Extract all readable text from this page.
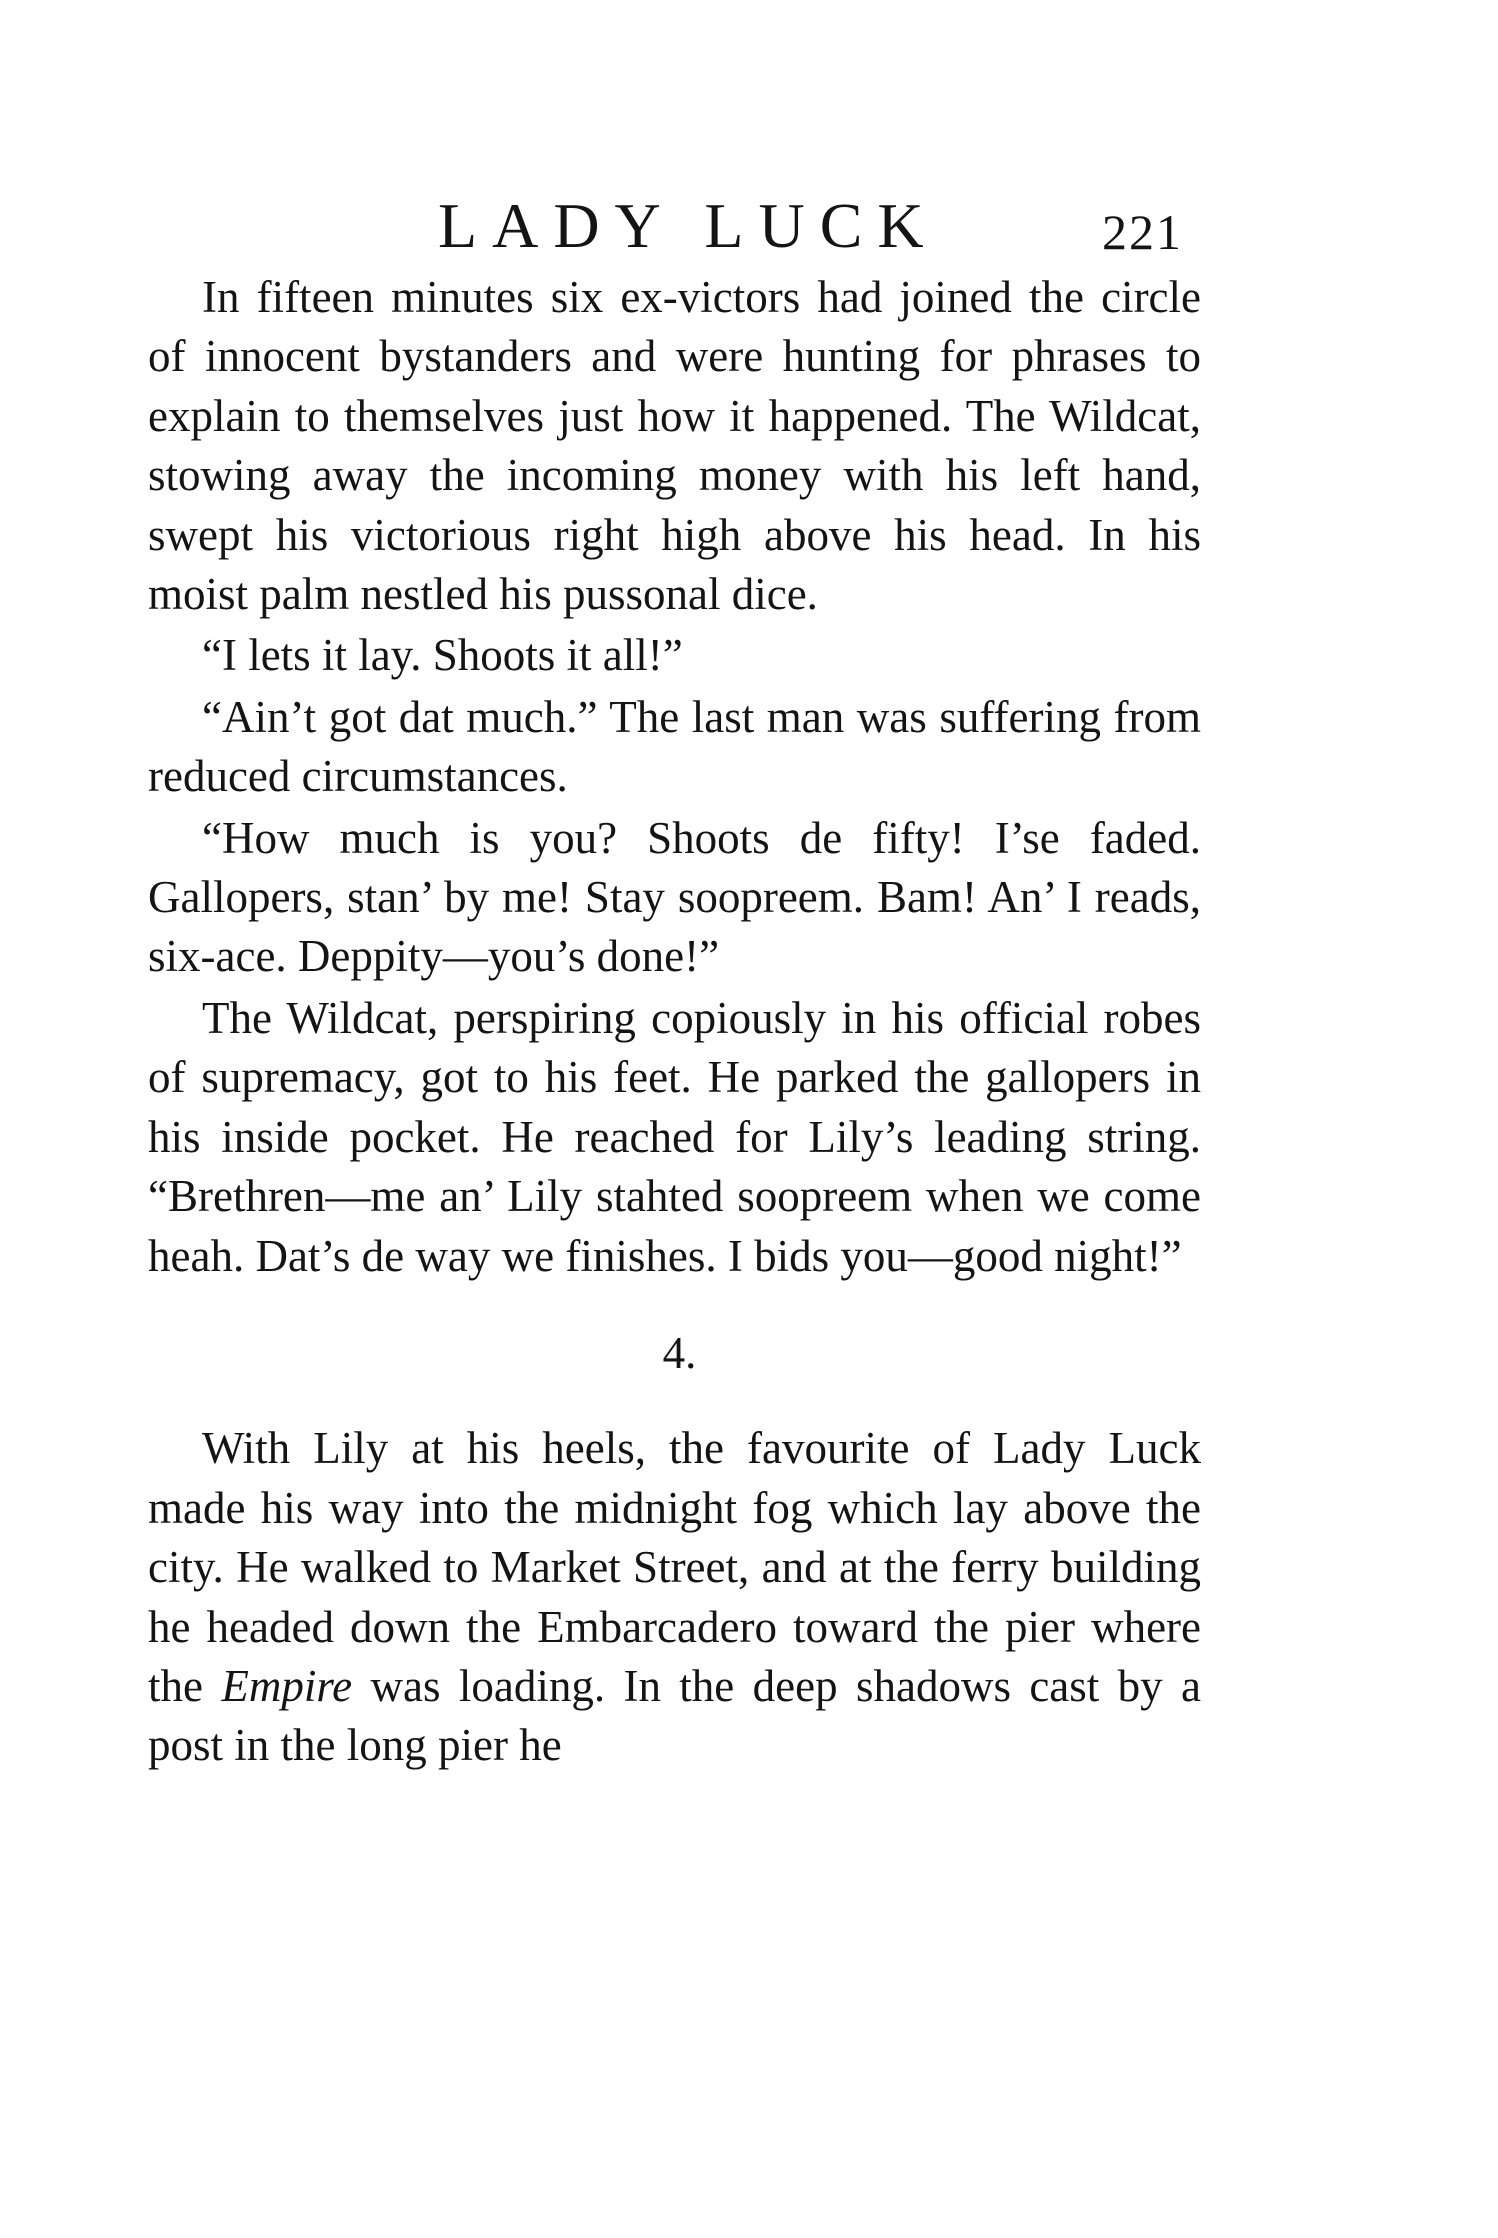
LADY LUCK	221

In fifteen minutes six ex-victors had joined the circle of innocent bystanders and were hunting for phrases to explain to themselves just how it happened. The Wildcat, stowing away the incoming money with his left hand, swept his victorious right high above his head. In his moist palm nestled his pussonal dice.

“I lets it lay. Shoots it all!”

“Ain’t got dat much.” The last man was suffering from reduced circumstances.

“How much is you? Shoots de fifty! I’se faded. Gallopers, stan’ by me! Stay soopreem. Bam! An’ I reads, six-ace. Deppity—you’s done!”

The Wildcat, perspiring copiously in his official robes of supremacy, got to his feet. He parked the gallopers in his inside pocket. He reached for Lily’s leading string. “Brethren—me an’ Lily stahted soopreem when we come heah. Dat’s de way we finishes. I bids you—good night!”

4.

With Lily at his heels, the favourite of Lady Luck made his way into the midnight fog which lay above the city. He walked to Market Street, and at the ferry building he headed down the Embarcadero toward the pier where the Empire was loading. In the deep shadows cast by a post in the long pier he
